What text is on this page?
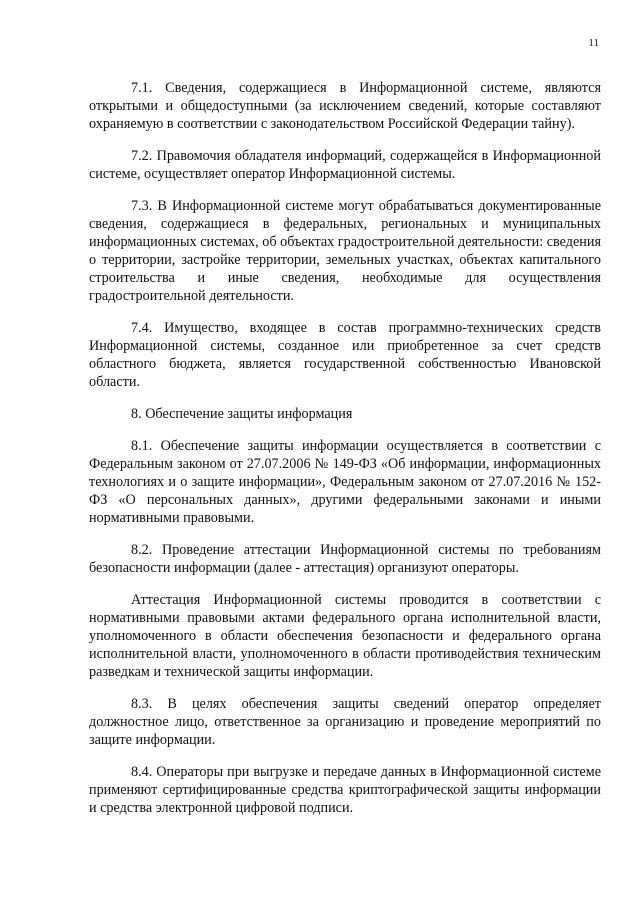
11

7.1. Сведения, содержащиеся в Информационной системе, являются открытыми и общедоступными (за исключением сведений, которые составляют охраняемую в соответствии с законодательством Российской Федерации тайну).

7.2. Правомочия обладателя информаций, содержащейся в Информационной системе, осуществляет оператор Информационной системы.

7.3. В Информационной системе могут обрабатываться документированные сведения, содержащиеся в федеральных, региональных и муниципальных информационных системах, об объектах градостроительной деятельности: сведения о территории, застройке территории, земельных участках, объектах капитального строительства и иные сведения, необходимые для осуществления градостроительной деятельности.

7.4. Имущество, входящее в состав программно-технических средств Информационной системы, созданное или приобретенное за счет средств областного бюджета, является государственной собственностью Ивановской области.

8. Обеспечение защиты информация

8.1. Обеспечение защиты информации осуществляется в соответствии с Федеральным законом от 27.07.2006 № 149-ФЗ «Об информации, информационных технологиях и о защите информации», Федеральным законом от 27.07.2016 № 152-ФЗ «О персональных данных», другими федеральными законами и иными нормативными правовыми.

8.2. Проведение аттестации Информационной системы по требованиям безопасности информации (далее - аттестация) организуют операторы.

Аттестация Информационной системы проводится в соответствии с нормативными правовыми актами федерального органа исполнительной власти, уполномоченного в области обеспечения безопасности и федерального органа исполнительной власти, уполномоченного в области противодействия техническим разведкам и технической защиты информации.

8.3. В целях обеспечения защиты сведений оператор определяет должностное лицо, ответственное за организацию и проведение мероприятий по защите информации.

8.4. Операторы при выгрузке и передаче данных в Информационной системе применяют сертифицированные средства криптографической защиты информации и средства электронной цифровой подписи.
